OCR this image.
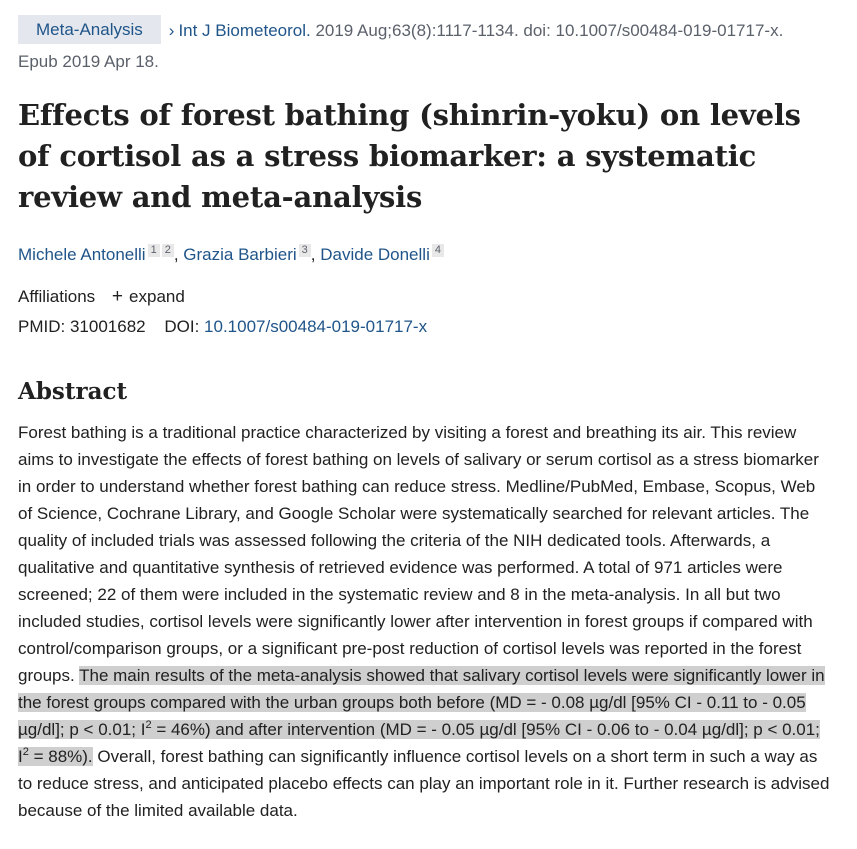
Meta-Analysis › Int J Biometeorol. 2019 Aug;63(8):1117-1134. doi: 10.1007/s00484-019-01717-x.
Epub 2019 Apr 18.
Effects of forest bathing (shinrin-yoku) on levels of cortisol as a stress biomarker: a systematic review and meta-analysis
Michele Antonelli 1 2 , Grazia Barbieri 3 , Davide Donelli 4
Affiliations + expand
PMID: 31001682 DOI: 10.1007/s00484-019-01717-x
Abstract
Forest bathing is a traditional practice characterized by visiting a forest and breathing its air. This review aims to investigate the effects of forest bathing on levels of salivary or serum cortisol as a stress biomarker in order to understand whether forest bathing can reduce stress. Medline/PubMed, Embase, Scopus, Web of Science, Cochrane Library, and Google Scholar were systematically searched for relevant articles. The quality of included trials was assessed following the criteria of the NIH dedicated tools. Afterwards, a qualitative and quantitative synthesis of retrieved evidence was performed. A total of 971 articles were screened; 22 of them were included in the systematic review and 8 in the meta-analysis. In all but two included studies, cortisol levels were significantly lower after intervention in forest groups if compared with control/comparison groups, or a significant pre-post reduction of cortisol levels was reported in the forest groups. The main results of the meta-analysis showed that salivary cortisol levels were significantly lower in the forest groups compared with the urban groups both before (MD = - 0.08 µg/dl [95% CI - 0.11 to - 0.05 µg/dl]; p < 0.01; $I^2 = 46\%$) and after intervention (MD = - 0.05 µg/dl [95% CI - 0.06 to - 0.04 µg/dl]; p < 0.01; $I^2 = 88\%$). Overall, forest bathing can significantly influence cortisol levels on a short term in such a way as to reduce stress, and anticipated placebo effects can play an important role in it. Further research is advised because of the limited available data.
